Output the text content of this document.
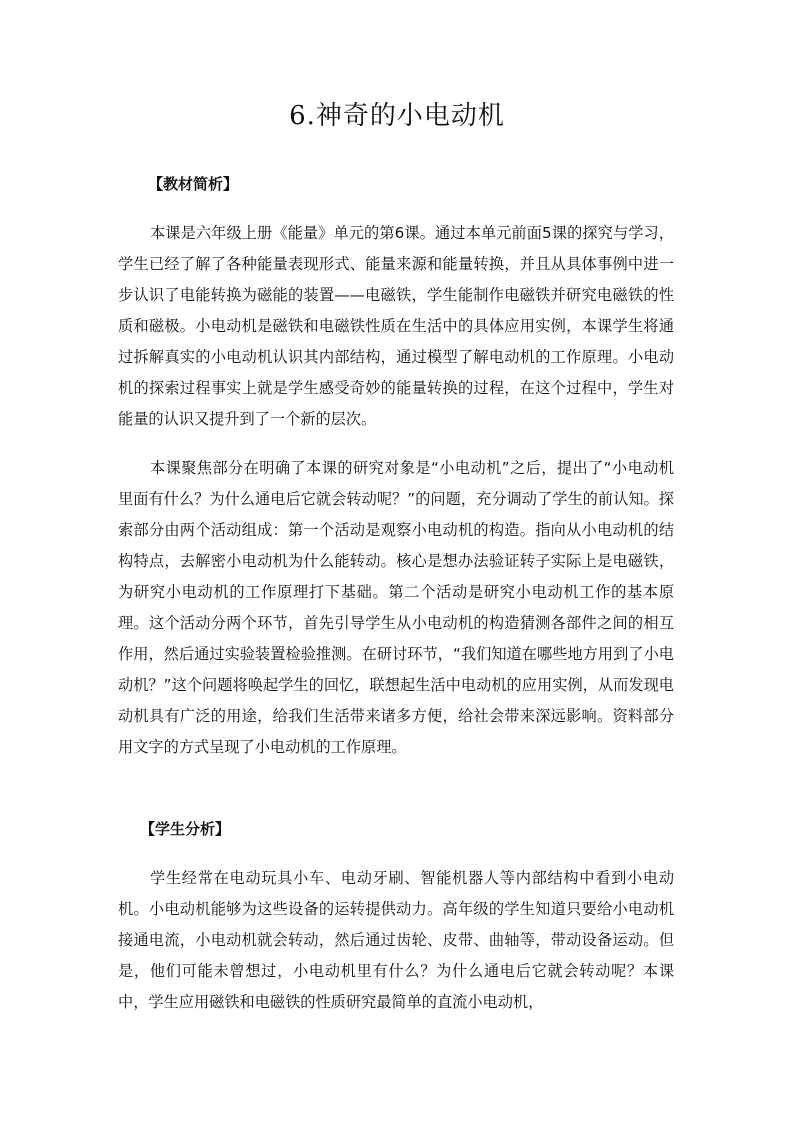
6.神奇的小电动机
【教材简析】

本课是六年级上册《能量》单元的第6课。通过本单元前面5课的探究与学习，学生已经了解了各种能量表现形式、能量来源和能量转换，并且从具体事例中进一步认识了电能转换为磁能的装置——电磁铁，学生能制作电磁铁并研究电磁铁的性质和磁极。小电动机是磁铁和电磁铁性质在生活中的具体应用实例，本课学生将通过拆解真实的小电动机认识其内部结构，通过模型了解电动机的工作原理。小电动机的探索过程事实上就是学生感受奇妙的能量转换的过程，在这个过程中，学生对能量的认识又提升到了一个新的层次。

本课聚焦部分在明确了本课的研究对象是“小电动机”之后，提出了“小电动机里面有什么？为什么通电后它就会转动呢？”的问题，充分调动了学生的前认知。探索部分由两个活动组成：第一个活动是观察小电动机的构造。指向从小电动机的结构特点，去解密小电动机为什么能转动。核心是想办法验证转子实际上是电磁铁，为研究小电动机的工作原理打下基础。第二个活动是研究小电动机工作的基本原理。这个活动分两个环节，首先引导学生从小电动机的构造猜测各部件之间的相互作用，然后通过实验装置检验推测。在研讨环节，“我们知道在哪些地方用到了小电动机？”这个问题将唤起学生的回忆，联想起生活中电动机的应用实例，从而发现电动机具有广泛的用途，给我们生活带来诸多方便，给社会带来深远影响。资料部分用文字的方式呈现了小电动机的工作原理。

【学生分析】

学生经常在电动玩具小车、电动牙刷、智能机器人等内部结构中看到小电动机。小电动机能够为这些设备的运转提供动力。高年级的学生知道只要给小电动机接通电流，小电动机就会转动，然后通过齿轮、皮带、曲轴等，带动设备运动。但是，他们可能未曾想过，小电动机里有什么？为什么通电后它就会转动呢？本课中，学生应用磁铁和电磁铁的性质研究最简单的直流小电动机，
